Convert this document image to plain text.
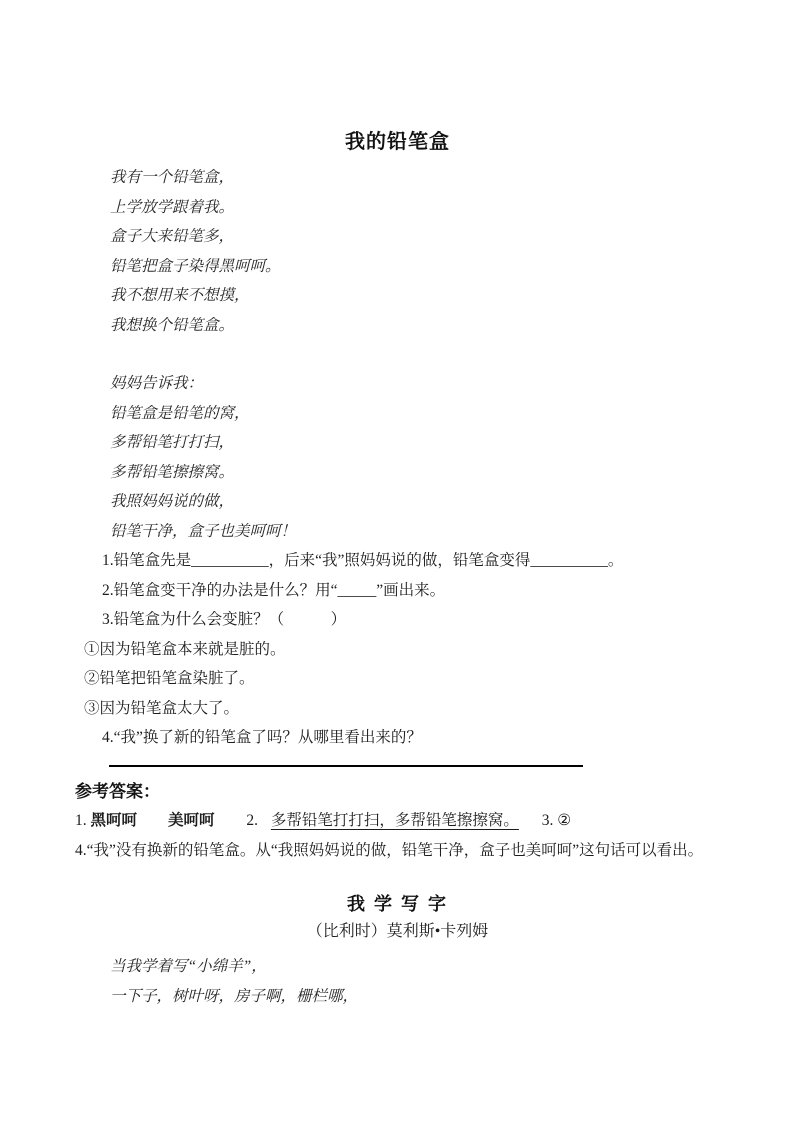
我的铅笔盒
我有一个铅笔盒，
上学放学跟着我。
盒子大来铅笔多，
铅笔把盒子染得黑呵呵。
我不想用来不想摸，
我想换个铅笔盒。
妈妈告诉我：
铅笔盒是铅笔的窝，
多帮铅笔打打扫，
多帮铅笔擦擦窝。
我照妈妈说的做，
铅笔干净，盒子也美呵呵！
1.铅笔盒先是__________，后来“我”照妈妈说的做，铅笔盒变得__________。
2.铅笔盒变干净的办法是什么？用“_____”画出来。
3.铅笔盒为什么会变脏？（　　　）
①因为铅笔盒本来就是脏的。
②铅笔把铅笔盒染脏了。
③因为铅笔盒太大了。
4.“我”换了新的铅笔盒了吗？从哪里看出来的？
参考答案：
1. 黑呵呵　　美呵呵 2. 多帮铅笔打打扫，多帮铅笔擦擦窝。 3. ②
4.“我”没有换新的铅笔盒。从“我照妈妈说的做，铅笔干净，盒子也美呵呵”这句话可以看出。
我 学 写 字
（比利时）莫利斯•卡列姆
当我学着写“小绵羊”，
一下子，树叶呀，房子啊，栅栏哪，
